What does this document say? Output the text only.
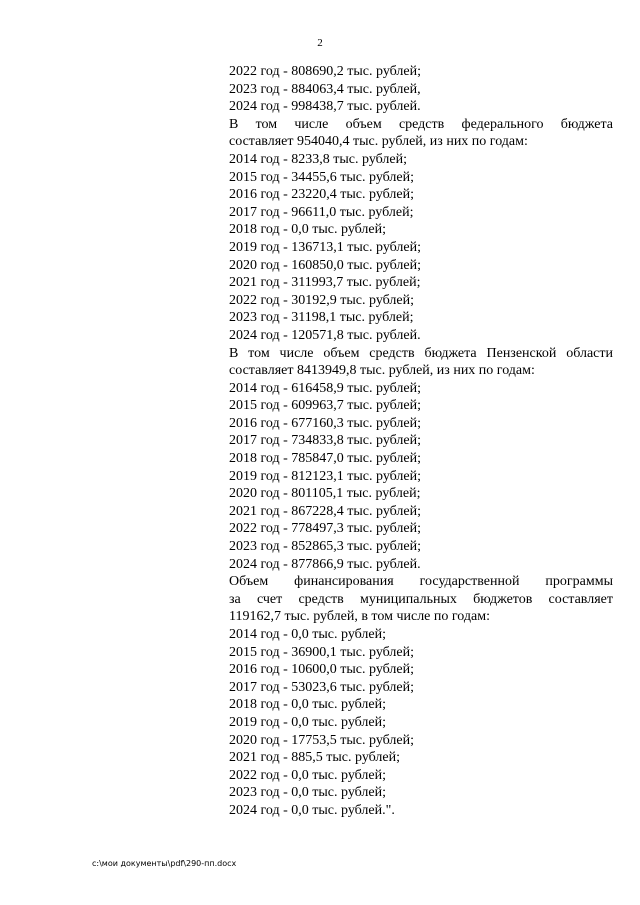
2
2022 год - 808690,2 тыс. рублей;
2023 год - 884063,4 тыс. рублей,
2024 год - 998438,7 тыс. рублей.
В том числе объем средств федерального бюджета
составляет 954040,4 тыс. рублей, из них по годам:
2014 год - 8233,8 тыс. рублей;
2015 год - 34455,6 тыс. рублей;
2016 год - 23220,4 тыс. рублей;
2017 год - 96611,0 тыс. рублей;
2018 год - 0,0 тыс. рублей;
2019 год - 136713,1 тыс. рублей;
2020 год - 160850,0 тыс. рублей;
2021 год - 311993,7 тыс. рублей;
2022 год - 30192,9 тыс. рублей;
2023 год - 31198,1 тыс. рублей;
2024 год - 120571,8 тыс. рублей.
В том числе объем средств бюджета Пензенской области
составляет 8413949,8 тыс. рублей, из них по годам:
2014 год - 616458,9 тыс. рублей;
2015 год - 609963,7 тыс. рублей;
2016 год - 677160,3 тыс. рублей;
2017 год - 734833,8 тыс. рублей;
2018 год - 785847,0 тыс. рублей;
2019 год - 812123,1 тыс. рублей;
2020 год - 801105,1 тыс. рублей;
2021 год - 867228,4 тыс. рублей;
2022 год - 778497,3 тыс. рублей;
2023 год - 852865,3 тыс. рублей;
2024 год - 877866,9 тыс. рублей.
Объем финансирования государственной программы
за счет средств муниципальных бюджетов составляет
119162,7 тыс. рублей, в том числе по годам:
2014 год - 0,0 тыс. рублей;
2015 год - 36900,1 тыс. рублей;
2016 год - 10600,0 тыс. рублей;
2017 год - 53023,6 тыс. рублей;
2018 год - 0,0 тыс. рублей;
2019 год - 0,0 тыс. рублей;
2020 год - 17753,5 тыс. рублей;
2021 год - 885,5 тыс. рублей;
2022 год - 0,0 тыс. рублей;
2023 год - 0,0 тыс. рублей;
2024 год - 0,0 тыс. рублей.".
c:\мои документы\pdf\290-пп.docx
